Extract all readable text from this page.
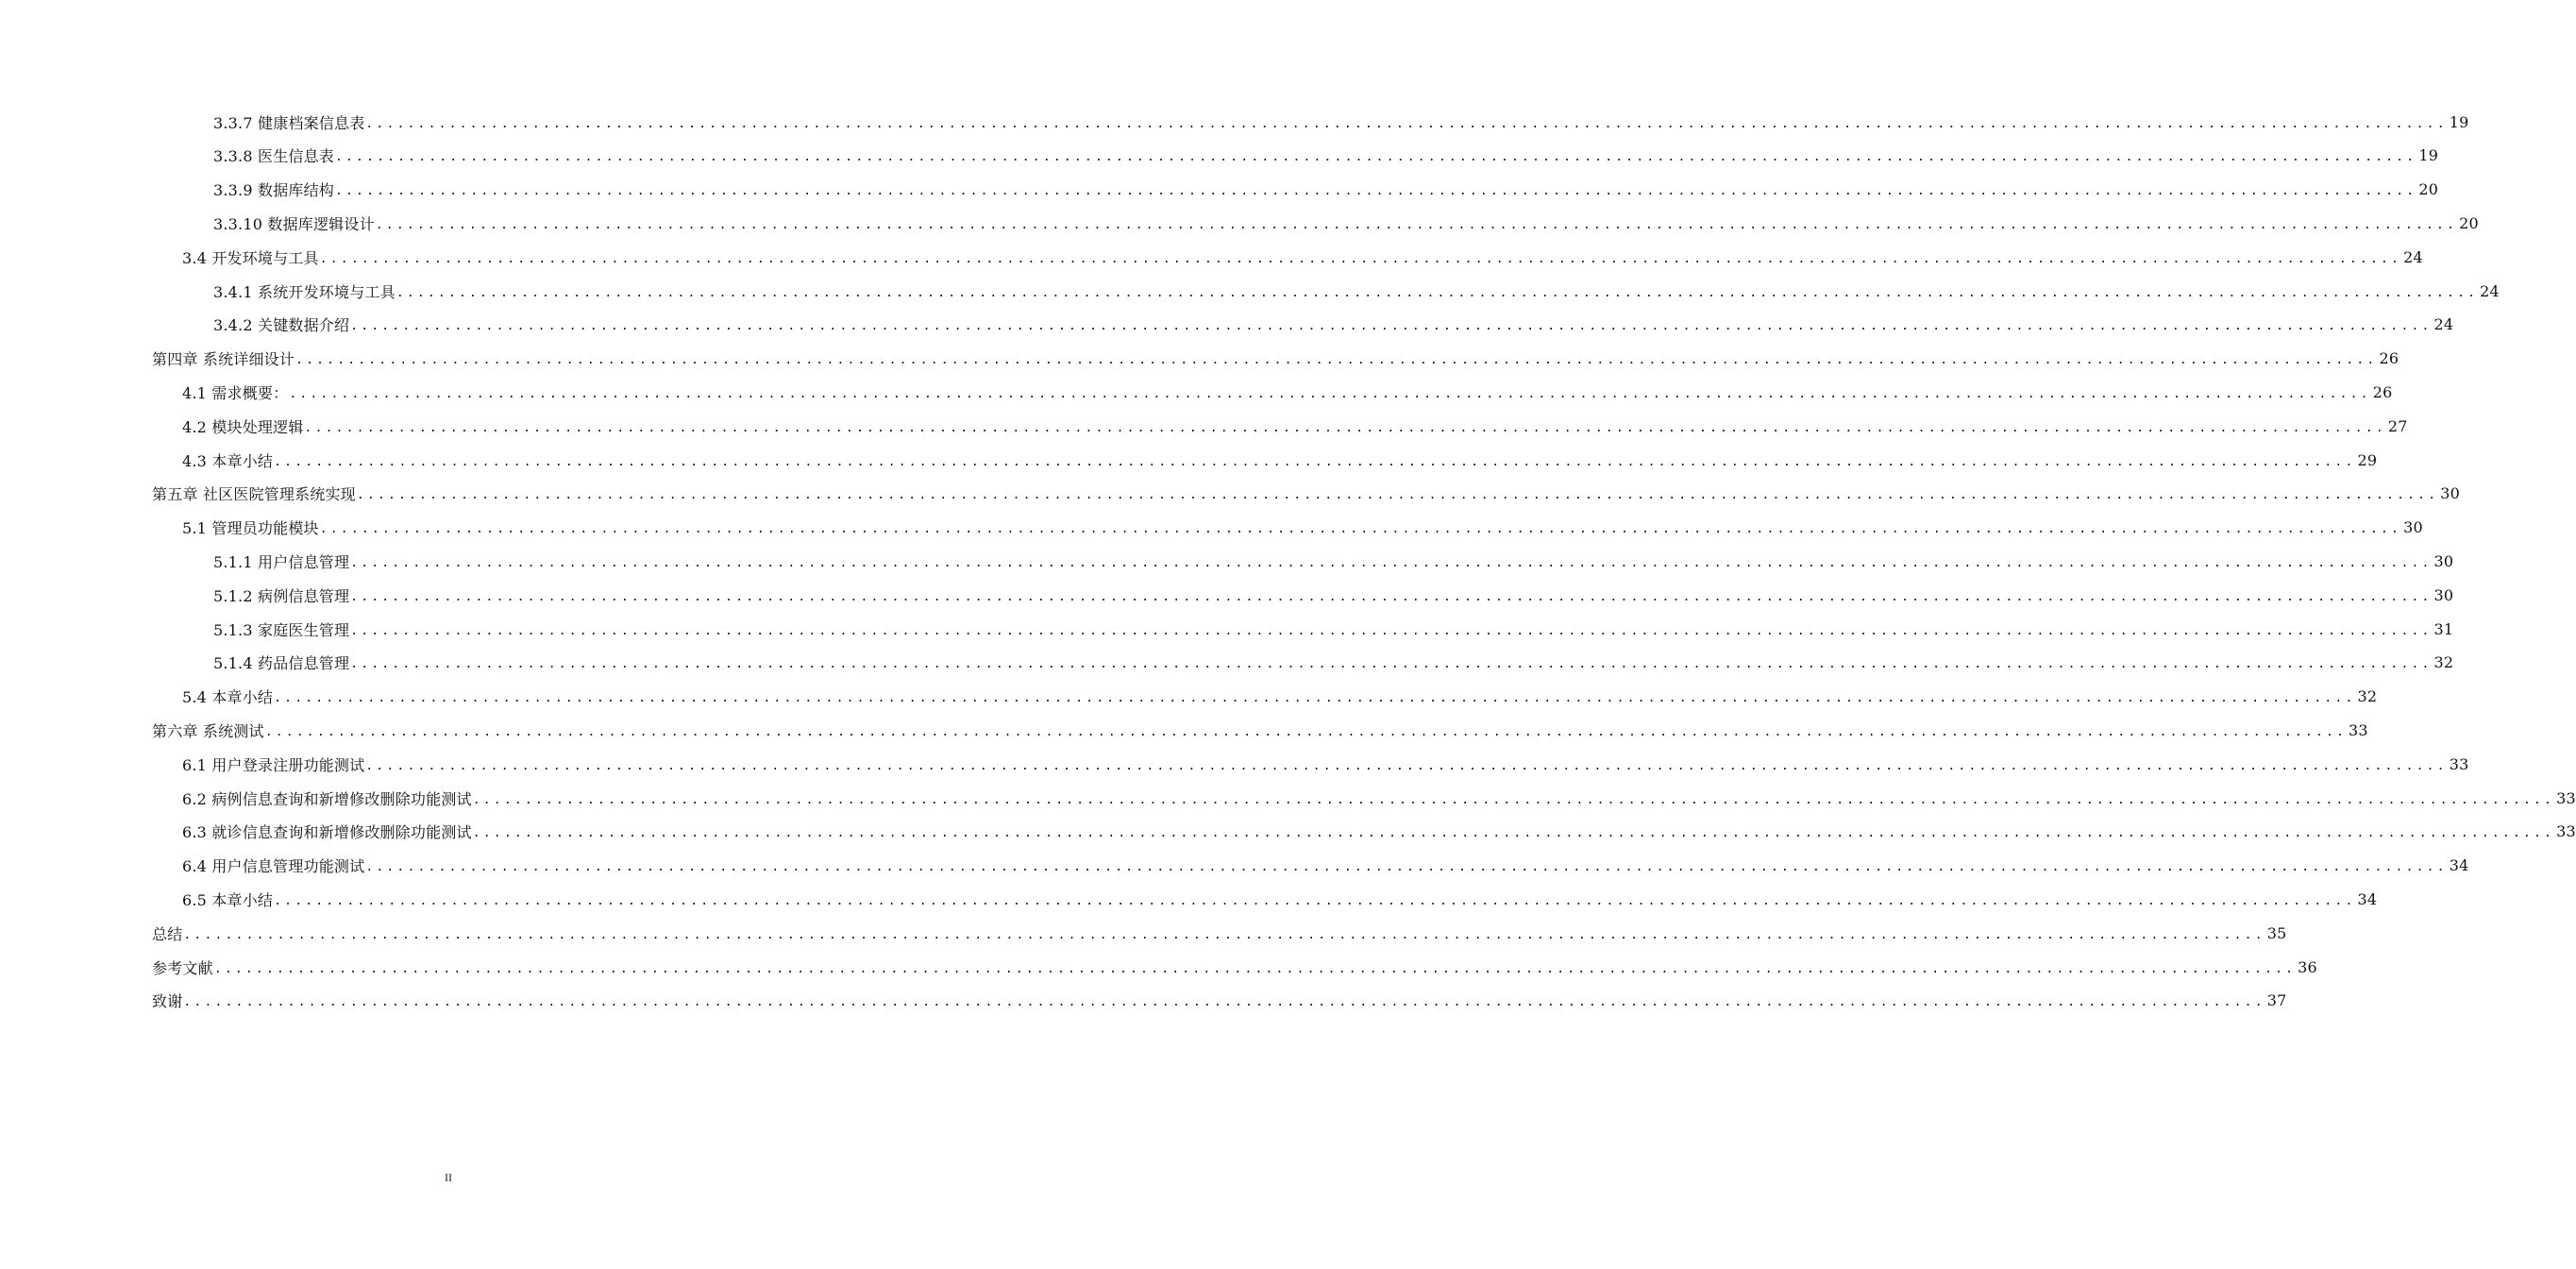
3.3.7 健康档案信息表 ........................................................................................................................................................................................................ 19
3.3.8 医生信息表 ........................................................................................................................................................................................................ 19
3.3.9 数据库结构 ........................................................................................................................................................................................................ 20
3.3.10 数据库逻辑设计 ........................................................................................................................................................................................................ 20
3.4 开发环境与工具 ........................................................................................................................................................................................................ 24
3.4.1 系统开发环境与工具 ........................................................................................................................................................................................................ 24
3.4.2 关键数据介绍 ........................................................................................................................................................................................................ 24
第四章 系统详细设计 ........................................................................................................................................................................................................ 26
4.1 需求概要： ........................................................................................................................................................................................................ 26
4.2 模块处理逻辑 ........................................................................................................................................................................................................ 27
4.3 本章小结 ........................................................................................................................................................................................................ 29
第五章 社区医院管理系统实现 ........................................................................................................................................................................................................ 30
5.1 管理员功能模块 ........................................................................................................................................................................................................ 30
5.1.1 用户信息管理 ........................................................................................................................................................................................................ 30
5.1.2 病例信息管理 ........................................................................................................................................................................................................ 30
5.1.3 家庭医生管理 ........................................................................................................................................................................................................ 31
5.1.4 药品信息管理 ........................................................................................................................................................................................................ 32
5.4 本章小结 ........................................................................................................................................................................................................ 32
第六章 系统测试 ........................................................................................................................................................................................................ 33
6.1 用户登录注册功能测试 ........................................................................................................................................................................................................ 33
6.2 病例信息查询和新增修改删除功能测试 ........................................................................................................................................................................................................ 33
6.3 就诊信息查询和新增修改删除功能测试 ........................................................................................................................................................................................................ 33
6.4 用户信息管理功能测试 ........................................................................................................................................................................................................ 34
6.5 本章小结 ........................................................................................................................................................................................................ 34
总结 ........................................................................................................................................................................................................ 35
参考文献 ........................................................................................................................................................................................................ 36
致谢 ........................................................................................................................................................................................................ 37
II
